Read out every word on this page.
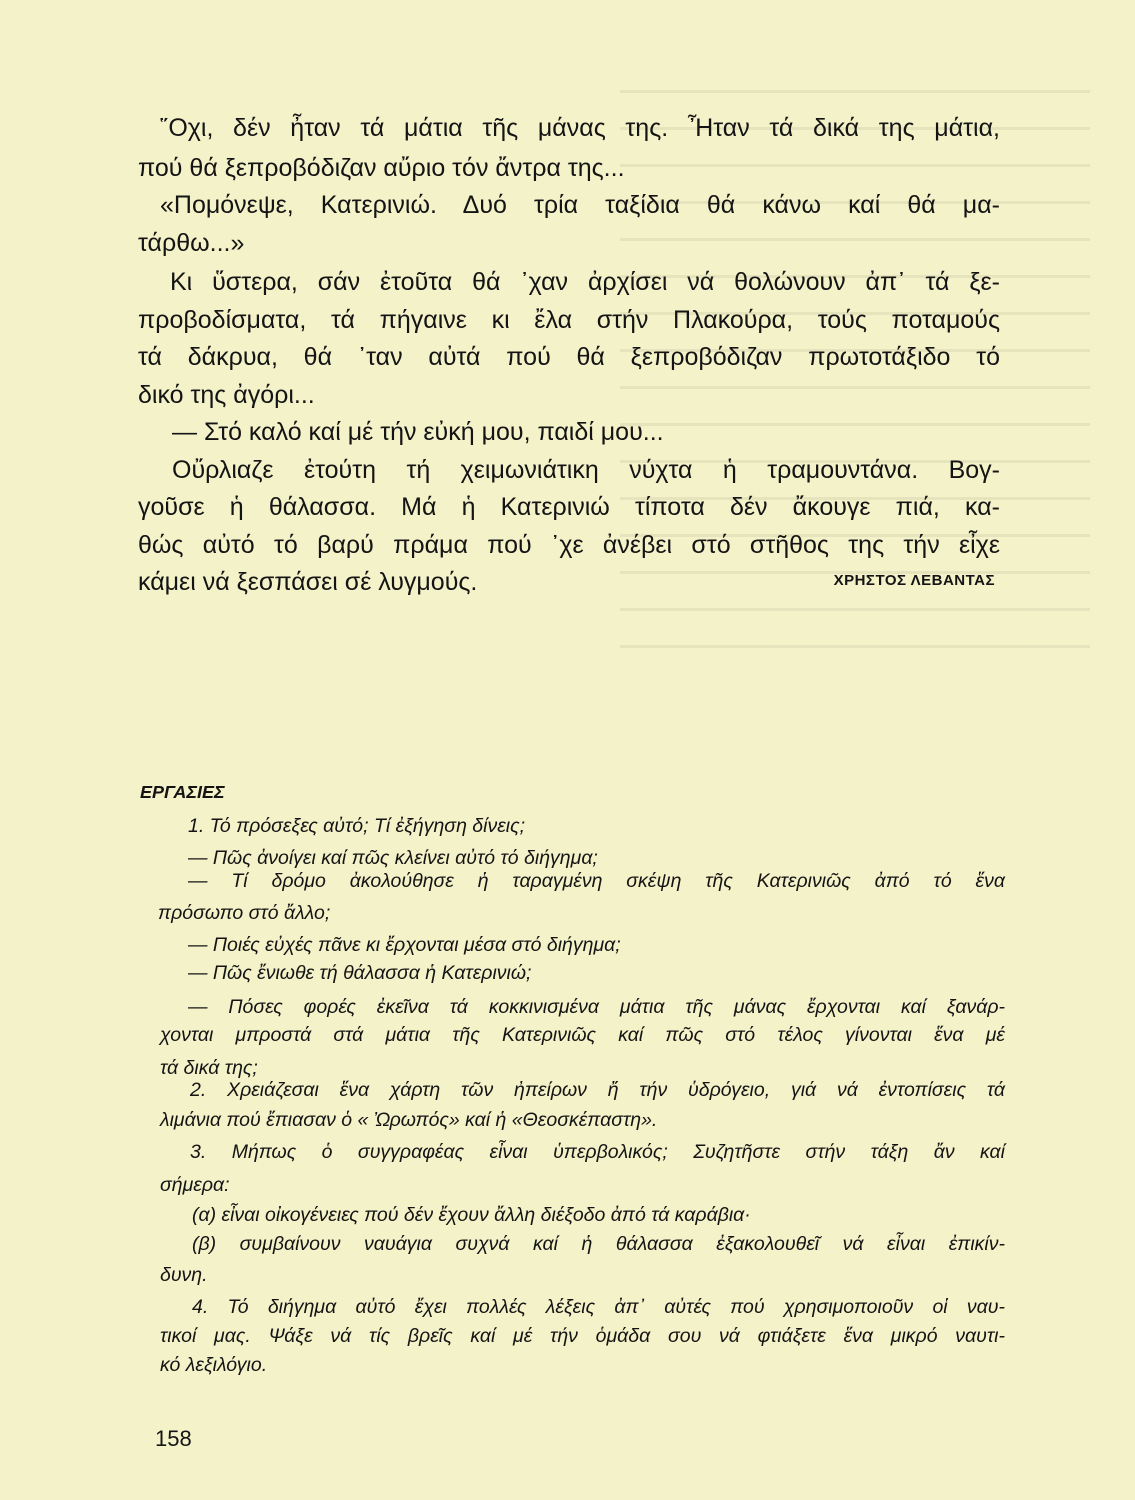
῞Οχι, δέν ἦταν τά μάτια τῆς μάνας της. Ἦταν τά δικά της μάτια,
πού θά ξεπροβόδιζαν αὔριο τόν ἄντρα της...
«Πομόνεψε, Κατερινιώ. Δυό τρία ταξίδια θά κάνω καί θά μα-
τάρθω...»
Κι ὕστερα, σάν ἐτοῦτα θά ᾽χαν ἀρχίσει νά θολώνουν ἀπ᾽ τά ξε-
προβοδίσματα, τά πήγαινε κι ἔλα στήν Πλακούρα, τούς ποταμούς
τά δάκρυα, θά ᾽ταν αὐτά πού θά ξεπροβόδιζαν πρωτοτάξιδο τό
δικό της ἀγόρι...
— Στό καλό καί μέ τήν εὐκή μου, παιδί μου...
Οὔρλιαζε ἐτούτη τή χειμωνιάτικη νύχτα ἡ τραμουντάνα. Βογ-
γοῦσε ἡ θάλασσα. Μά ἡ Κατερινιώ τίποτα δέν ἄκουγε πιά, κα-
θώς αὐτό τό βαρύ πράμα πού ᾽χε ἀνέβει στό στῆθος της τήν εἶχε
κάμει νά ξεσπάσει σέ λυγμούς.	ΧΡΗΣΤΟΣ ΛΕΒΑΝΤΑΣ
ΕΡΓΑΣΙΕΣ
1. Τό πρόσεξες αὐτό; Τί ἐξήγηση δίνεις;
— Πῶς ἀνοίγει καί πῶς κλείνει αὐτό τό διήγημα;
— Τί δρόμο ἀκολούθησε ἡ ταραγμένη σκέψη τῆς Κατερινιῶς ἀπό τό ἕνα
πρόσωπο στό ἄλλο;
— Ποιές εὐχές πᾶνε κι ἔρχονται μέσα στό διήγημα;
— Πῶς ἔνιωθε τή θάλασσα ἡ Κατερινιώ;
— Πόσες φορές ἐκεῖνα τά κοκκινισμένα μάτια τῆς μάνας ἔρχονται καί ξανάρ-
χονται μπροστά στά μάτια τῆς Κατερινιῶς καί πῶς στό τέλος γίνονται ἕνα μέ
τά δικά της;
2. Χρειάζεσαι ἕνα χάρτη τῶν ἠπείρων ἤ τήν ὑδρόγειο, γιά νά ἐντοπίσεις τά
λιμάνια πού ἔπιασαν ὁ « Ὠρωπός» καί ἡ «Θεοσκέπαστη».
3. Μήπως ὁ συγγραφέας εἶναι ὑπερβολικός; Συζητῆστε στήν τάξη ἄν καί
σήμερα:
(α) εἶναι οἰκογένειες πού δέν ἔχουν ἄλλη διέξοδο ἀπό τά καράβια·
(β) συμβαίνουν ναυάγια συχνά καί ἡ θάλασσα ἐξακολουθεῖ νά εἶναι ἐπικίν-
δυνη.
4. Τό διήγημα αὐτό ἔχει πολλές λέξεις ἀπ᾽ αὐτές πού χρησιμοποιοῦν οἱ ναυ-
τικοί μας. Ψάξε νά τίς βρεῖς καί μέ τήν ὁμάδα σου νά φτιάξετε ἕνα μικρό ναυτι-
κό λεξιλόγιο.
158
